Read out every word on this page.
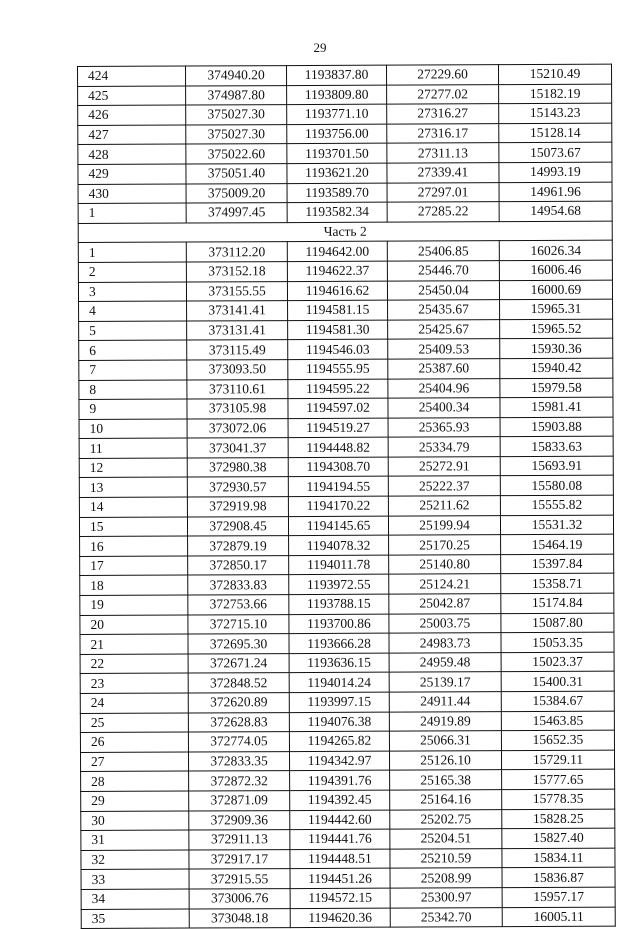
29
424	374940.20	1193837.80	27229.60	15210.49
425	374987.80	1193809.80	27277.02	15182.19
426	375027.30	1193771.10	27316.27	15143.23
427	375027.30	1193756.00	27316.17	15128.14
428	375022.60	1193701.50	27311.13	15073.67
429	375051.40	1193621.20	27339.41	14993.19
430	375009.20	1193589.70	27297.01	14961.96
1	374997.45	1193582.34	27285.22	14954.68
Часть 2				
1	373112.20	1194642.00	25406.85	16026.34
2	373152.18	1194622.37	25446.70	16006.46
3	373155.55	1194616.62	25450.04	16000.69
4	373141.41	1194581.15	25435.67	15965.31
5	373131.41	1194581.30	25425.67	15965.52
6	373115.49	1194546.03	25409.53	15930.36
7	373093.50	1194555.95	25387.60	15940.42
8	373110.61	1194595.22	25404.96	15979.58
9	373105.98	1194597.02	25400.34	15981.41
10	373072.06	1194519.27	25365.93	15903.88
11	373041.37	1194448.82	25334.79	15833.63
12	372980.38	1194308.70	25272.91	15693.91
13	372930.57	1194194.55	25222.37	15580.08
14	372919.98	1194170.22	25211.62	15555.82
15	372908.45	1194145.65	25199.94	15531.32
16	372879.19	1194078.32	25170.25	15464.19
17	372850.17	1194011.78	25140.80	15397.84
18	372833.83	1193972.55	25124.21	15358.71
19	372753.66	1193788.15	25042.87	15174.84
20	372715.10	1193700.86	25003.75	15087.80
21	372695.30	1193666.28	24983.73	15053.35
22	372671.24	1193636.15	24959.48	15023.37
23	372848.52	1194014.24	25139.17	15400.31
24	372620.89	1193997.15	24911.44	15384.67
25	372628.83	1194076.38	24919.89	15463.85
26	372774.05	1194265.82	25066.31	15652.35
27	372833.35	1194342.97	25126.10	15729.11
28	372872.32	1194391.76	25165.38	15777.65
29	372871.09	1194392.45	25164.16	15778.35
30	372909.36	1194442.60	25202.75	15828.25
31	372911.13	1194441.76	25204.51	15827.40
32	372917.17	1194448.51	25210.59	15834.11
33	372915.55	1194451.26	25208.99	15836.87
34	373006.76	1194572.15	25300.97	15957.17
35	373048.18	1194620.36	25342.70	16005.11
